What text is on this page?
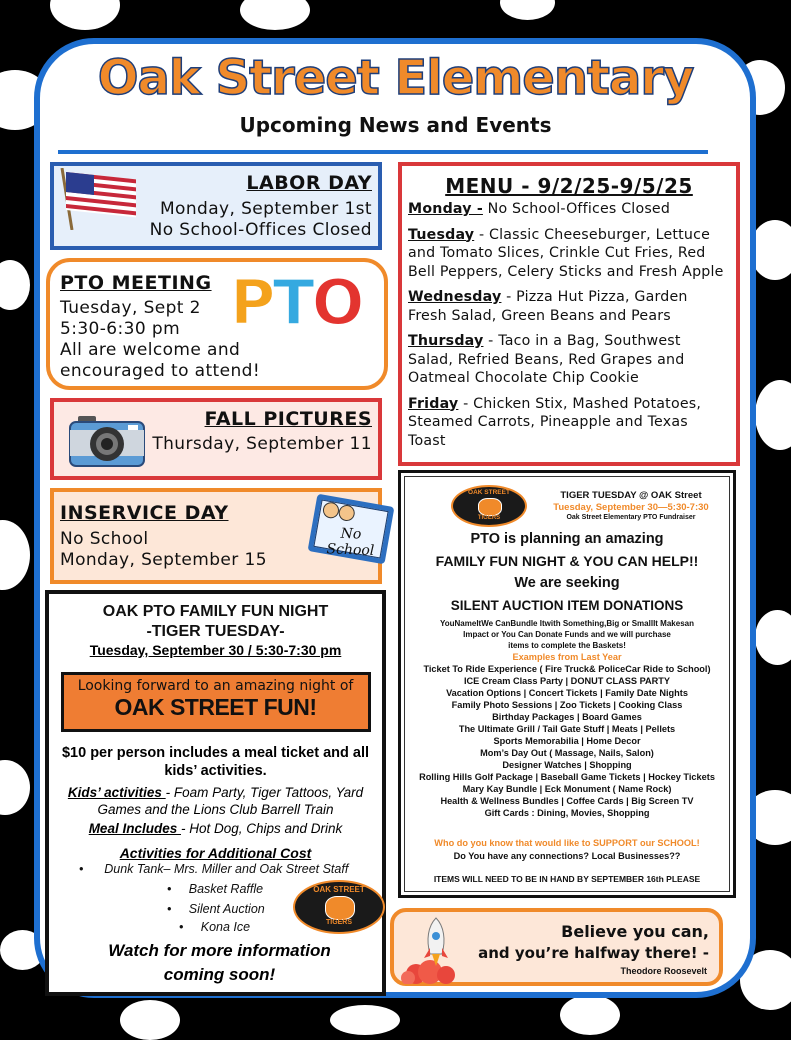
Oak Street Elementary
Upcoming News and Events
LABOR DAY
Monday, September 1st
No School-Offices Closed
PTO MEETING
Tuesday, Sept 2
5:30-6:30 pm
All are welcome and
encouraged to attend!
PTO
FALL PICTURES
Thursday, September 11
INSERVICE DAY
No School
Monday, September 15
No School
MENU - 9/2/25-9/5/25
Monday - No School-Offices Closed
Tuesday - Classic Cheeseburger, Lettuce and Tomato Slices, Crinkle Cut Fries, Red Bell Peppers, Celery Sticks and Fresh Apple
Wednesday - Pizza Hut Pizza, Garden Fresh Salad, Green Beans and Pears
Thursday - Taco in a Bag, Southwest Salad, Refried Beans, Red Grapes and Oatmeal Chocolate Chip Cookie
Friday - Chicken Stix, Mashed Potatoes, Steamed Carrots, Pineapple and Texas Toast
OAK PTO FAMILY FUN NIGHT
-TIGER TUESDAY-
Tuesday, September 30 / 5:30-7:30 pm
Looking forward to an amazing night of
OAK STREET FUN!
$10 per person includes a meal ticket and all kids’ activities.
Kids’ activities - Foam Party, Tiger Tattoos, Yard Games and the Lions Club Barrell Train
Meal Includes - Hot Dog, Chips and Drink
Activities for Additional Cost
•      Dunk Tank– Mrs. Miller and Oak Street Staff
•     Basket Raffle
•     Silent Auction
•     Kona Ice
OAK STREET
TIGERS
Watch for more information
coming soon!
OAK STREET
TIGERS
TIGER TUESDAY @ OAK Street
Tuesday, September 30—5:30-7:30
Oak Street Elementary PTO Fundraiser
PTO is planning an amazing
FAMILY FUN NIGHT & YOU CAN HELP!!
We are seeking
SILENT AUCTION ITEM DONATIONS
YouNameItWe CanBundle Itwith Something,Big or SmallIt Makesan
Impact or You Can Donate Funds and we will purchase
items to complete the Baskets!
Examples from Last Year
Ticket To Ride Experience ( Fire Truck& PoliceCar Ride to School)
ICE Cream Class Party | DONUT CLASS PARTY
Vacation Options | Concert Tickets | Family Date Nights
Family Photo Sessions | Zoo Tickets | Cooking Class
Birthday Packages | Board Games
The Ultimate Grill / Tail Gate Stuff | Meats | Pellets
Sports Memorabilia | Home Decor
Mom’s Day Out ( Massage, Nails, Salon)
Designer Watches | Shopping
Rolling Hills Golf Package | Baseball Game Tickets | Hockey Tickets
Mary Kay Bundle | Eck Monument ( Name Rock)
Health & Wellness Bundles | Coffee Cards | Big Screen TV
Gift Cards : Dining, Movies, Shopping
Who do you know that would like to SUPPORT our SCHOOL!
Do You have any connections? Local Businesses??
ITEMS WILL NEED TO BE IN HAND BY SEPTEMBER 16th PLEASE
Believe you can,
and you’re halfway there! -
Theodore Roosevelt
